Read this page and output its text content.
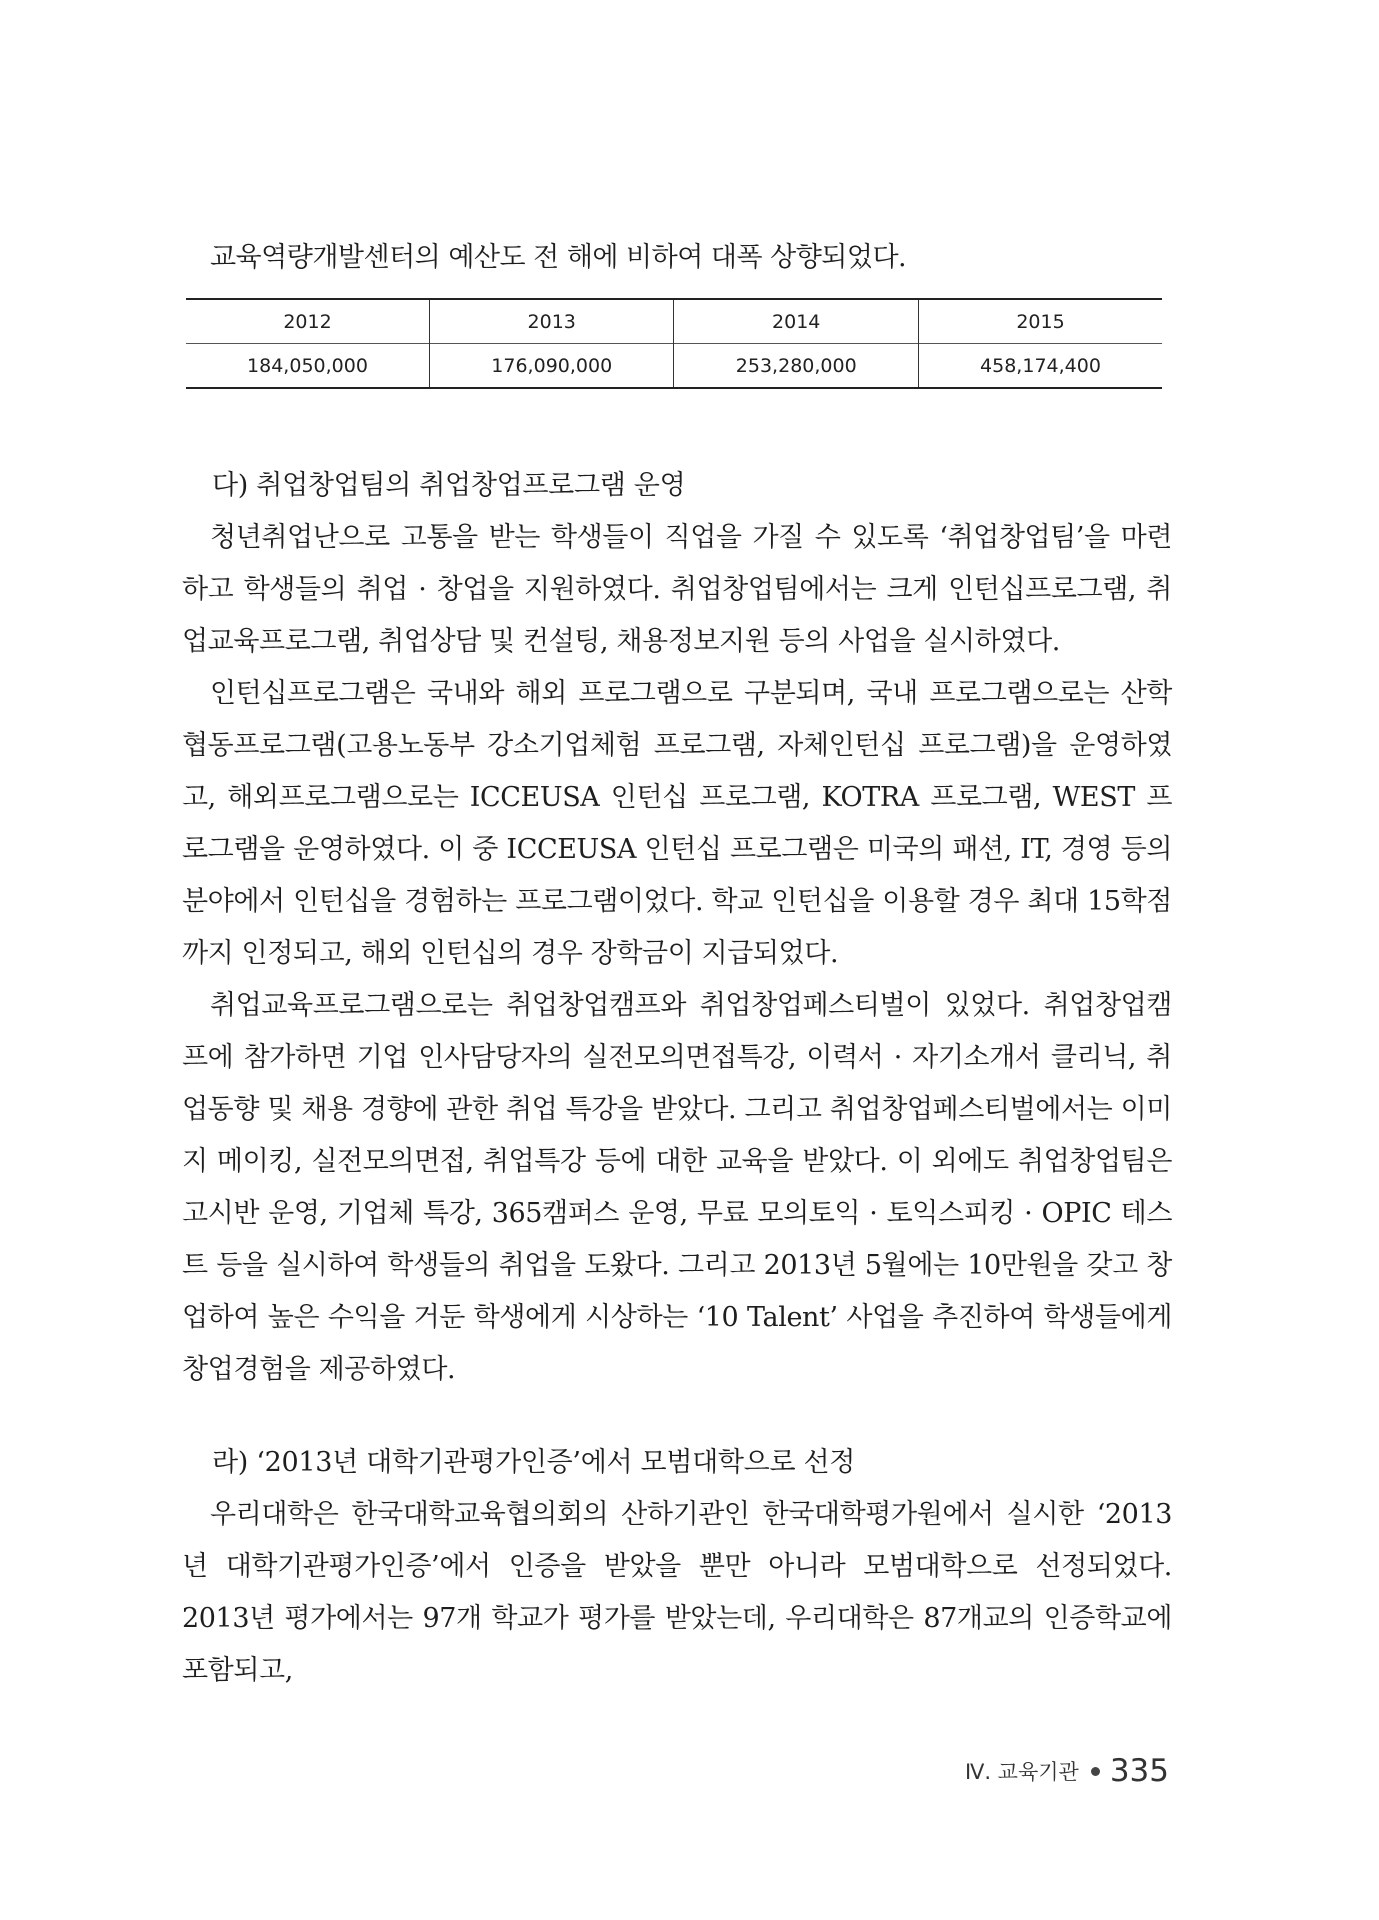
교육역량개발센터의 예산도 전 해에 비하여 대폭 상향되었다.
2012	2013	2014	2015
184,050,000	176,090,000	253,280,000	458,174,400
다) 취업창업팀의 취업창업프로그램 운영

청년취업난으로 고통을 받는 학생들이 직업을 가질 수 있도록 ‘취업창업팀’을 마련하고 학생들의 취업 · 창업을 지원하였다. 취업창업팀에서는 크게 인턴십프로그램, 취업교육프로그램, 취업상담 및 컨설팅, 채용정보지원 등의 사업을 실시하였다.

인턴십프로그램은 국내와 해외 프로그램으로 구분되며, 국내 프로그램으로는 산학협동프로그램(고용노동부 강소기업체험 프로그램, 자체인턴십 프로그램)을 운영하였고, 해외프로그램으로는 ICCEUSA 인턴십 프로그램, KOTRA 프로그램, WEST 프로그램을 운영하였다. 이 중 ICCEUSA 인턴십 프로그램은 미국의 패션, IT, 경영 등의 분야에서 인턴십을 경험하는 프로그램이었다. 학교 인턴십을 이용할 경우 최대 15학점까지 인정되고, 해외 인턴십의 경우 장학금이 지급되었다.

취업교육프로그램으로는 취업창업캠프와 취업창업페스티벌이 있었다. 취업창업캠프에 참가하면 기업 인사담당자의 실전모의면접특강, 이력서 · 자기소개서 클리닉, 취업동향 및 채용 경향에 관한 취업 특강을 받았다. 그리고 취업창업페스티벌에서는 이미지 메이킹, 실전모의면접, 취업특강 등에 대한 교육을 받았다. 이 외에도 취업창업팀은 고시반 운영, 기업체 특강, 365캠퍼스 운영, 무료 모의토익 · 토익스피킹 · OPIC 테스트 등을 실시하여 학생들의 취업을 도왔다. 그리고 2013년 5월에는 10만원을 갖고 창업하여 높은 수익을 거둔 학생에게 시상하는 ‘10 Talent’ 사업을 추진하여 학생들에게 창업경험을 제공하였다.

라) ‘2013년 대학기관평가인증’에서 모범대학으로 선정

우리대학은 한국대학교육협의회의 산하기관인 한국대학평가원에서 실시한 ‘2013년 대학기관평가인증’에서 인증을 받았을 뿐만 아니라 모범대학으로 선정되었다. 2013년 평가에서는 97개 학교가 평가를 받았는데, 우리대학은 87개교의 인증학교에 포함되고,

Ⅳ. 교육기관 335
